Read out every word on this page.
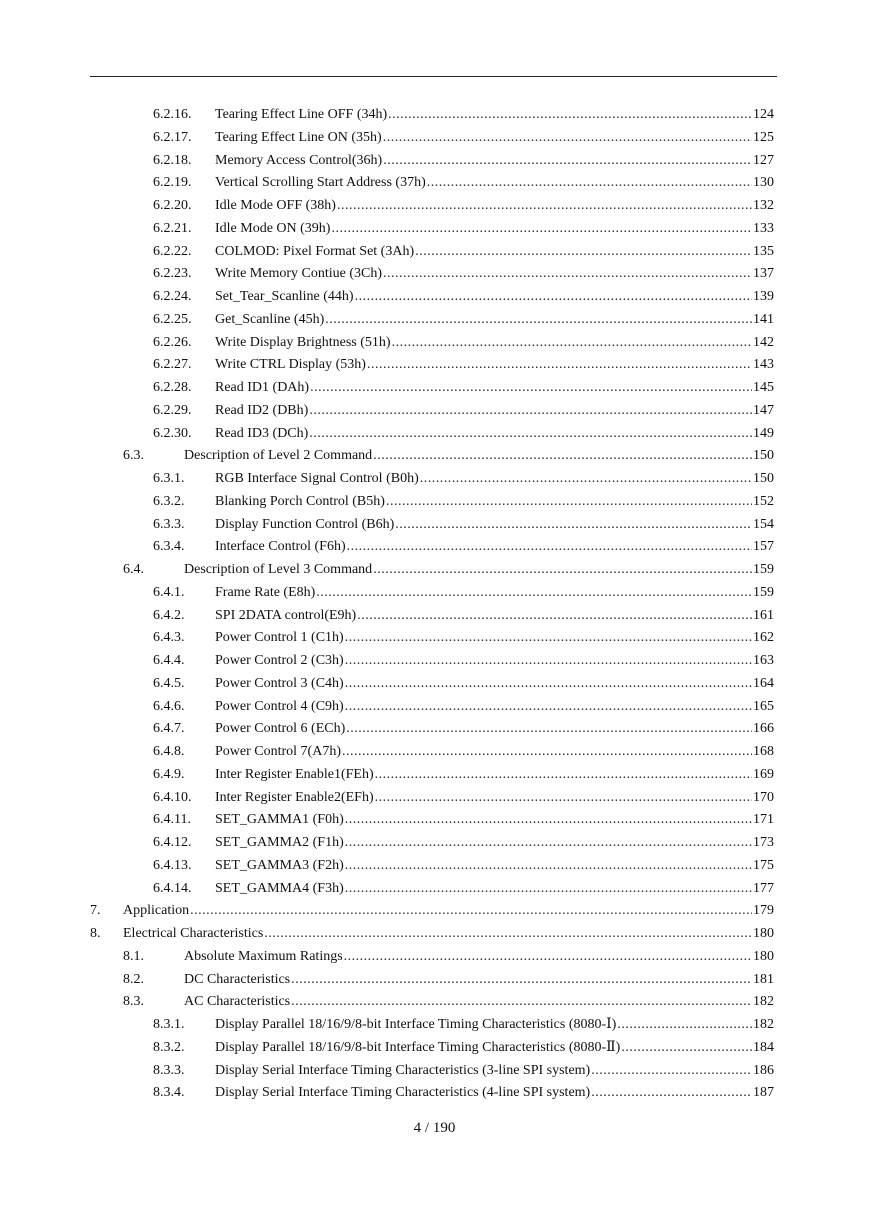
6.2.16.	Tearing Effect Line OFF (34h) .....	124
6.2.17.	Tearing Effect Line ON (35h) .....	125
6.2.18.	Memory Access Control(36h) .....	127
6.2.19.	Vertical Scrolling Start Address (37h) .....	130
6.2.20.	Idle Mode OFF (38h) .....	132
6.2.21.	Idle Mode ON (39h) .....	133
6.2.22.	COLMOD: Pixel Format Set (3Ah) .....	135
6.2.23.	Write Memory Contiue (3Ch) .....	137
6.2.24.	Set_Tear_Scanline (44h) .....	139
6.2.25.	Get_Scanline (45h) .....	141
6.2.26.	Write Display Brightness (51h) .....	142
6.2.27.	Write CTRL Display (53h) .....	143
6.2.28.	Read ID1 (DAh) .....	145
6.2.29.	Read ID2 (DBh) .....	147
6.2.30.	Read ID3 (DCh) .....	149
6.3.	Description of Level 2 Command .....	150
6.3.1.	RGB Interface Signal Control (B0h) .....	150
6.3.2.	Blanking Porch Control (B5h) .....	152
6.3.3.	Display Function Control (B6h) .....	154
6.3.4.	Interface Control (F6h) .....	157
6.4.	Description of Level 3 Command .....	159
6.4.1.	Frame Rate (E8h) .....	159
6.4.2.	SPI 2DATA control(E9h) .....	161
6.4.3.	Power Control 1 (C1h) .....	162
6.4.4.	Power Control 2 (C3h) .....	163
6.4.5.	Power Control 3 (C4h) .....	164
6.4.6.	Power Control 4 (C9h) .....	165
6.4.7.	Power Control 6 (ECh) .....	166
6.4.8.	Power Control 7(A7h) .....	168
6.4.9.	Inter Register Enable1(FEh) .....	169
6.4.10.	Inter Register Enable2(EFh) .....	170
6.4.11.	SET_GAMMA1 (F0h) .....	171
6.4.12.	SET_GAMMA2 (F1h) .....	173
6.4.13.	SET_GAMMA3 (F2h) .....	175
6.4.14.	SET_GAMMA4 (F3h) .....	177
7.	Application .....	179
8.	Electrical Characteristics .....	180
8.1.	Absolute Maximum Ratings .....	180
8.2.	DC Characteristics .....	181
8.3.	AC Characteristics .....	182
8.3.1.	Display Parallel 18/16/9/8-bit Interface Timing Characteristics (8080-Ⅰ) .....	182
8.3.2.	Display Parallel 18/16/9/8-bit Interface Timing Characteristics (8080-Ⅱ) .....	184
8.3.3.	Display Serial Interface Timing Characteristics (3-line SPI system) .....	186
8.3.4.	Display Serial Interface Timing Characteristics (4-line SPI system) .....	187
4 / 190
